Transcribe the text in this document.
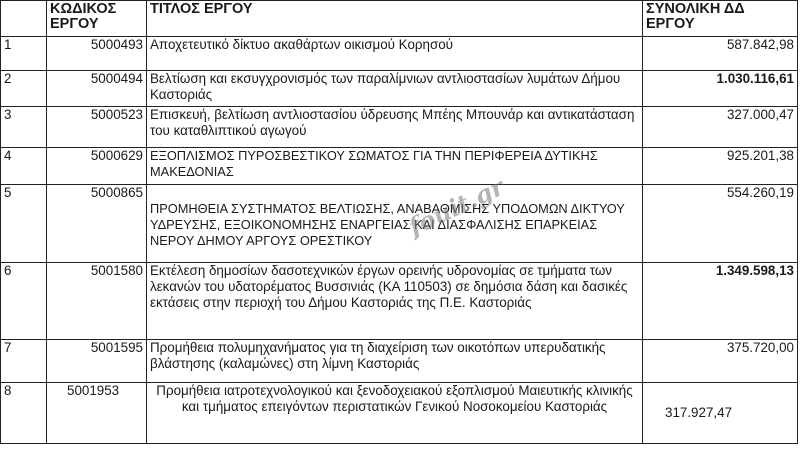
	ΚΩΔΙΚΟΣ ΕΡΓΟΥ	ΤΙΤΛΟΣ ΕΡΓΟΥ	ΣΥΝΟΛΙΚΗ ΔΔ ΕΡΓΟΥ
1	5000493	Αποχετευτικό δίκτυο ακαθάρτων οικισμού Κορησού	587.842,98
2	5000494	Βελτίωση και εκσυγχρονισμός των παραλίμνιων αντλιοστασίων λυμάτων Δήμου Καστοριάς	1.030.116,61
3	5000523	Επισκευή, βελτίωση αντλιοστασίου ύδρευσης Μπέης Μπουνάρ και αντικατάσταση του καταθλιπτικού αγωγού	327.000,47
4	5000629	ΕΞΟΠΛΙΣΜΟΣ ΠΥΡΟΣΒΕΣΤΙΚΟΥ ΣΩΜΑΤΟΣ ΓΙΑ ΤΗΝ ΠΕΡΙΦΕΡΕΙΑ ΔΥΤΙΚΗΣ ΜΑΚΕΔΟΝΙΑΣ	925.201,38
5	5000865	ΠΡΟΜΗΘΕΙΑ ΣΥΣΤΗΜΑΤΟΣ ΒΕΛΤΙΩΣΗΣ, ΑΝΑΒΑΘΜΙΣΗΣ ΥΠΟΔΟΜΩΝ ΔΙΚΤΥΟΥ ΥΔΡΕΥΣΗΣ, ΕΞΟΙΚΟΝΟΜΗΣΗΣ ΕΝΑΡΓΕΙΑΣ ΚΑΙ ΔΙΑΣΦΑΛΙΣΗΣ ΕΠΑΡΚΕΙΑΣ ΝΕΡΟΥ ΔΗΜΟΥ ΑΡΓΟΥΣ ΟΡΕΣΤΙΚΟΥ	554.260,19
6	5001580	Εκτέλεση δημοσίων δασοτεχνικών έργων ορεινής υδρονομίας σε τμήματα των λεκανών του υδατορέματος Βυσσινιάς (ΚΑ 110503) σε δημόσια δάση και δασικές εκτάσεις στην περιοχή του Δήμου Καστοριάς της Π.Ε. Καστοριάς	1.349.598,13
7	5001595	Προμήθεια πολυμηχανήματος για τη διαχείριση των οικοτόπων υπερυδατικής βλάστησης (καλαμώνες) στη λίμνη Καστοριάς	375.720,00
8	5001953	Προμήθεια ιατροτεχνολογικού και ξενοδοχειακού εξοπλισμού Μαιευτικής κλινικής και τμήματος επειγόντων περιστατικών Γενικού Νοσοκομείου Καστοριάς	317.927,47
fouit.gr
